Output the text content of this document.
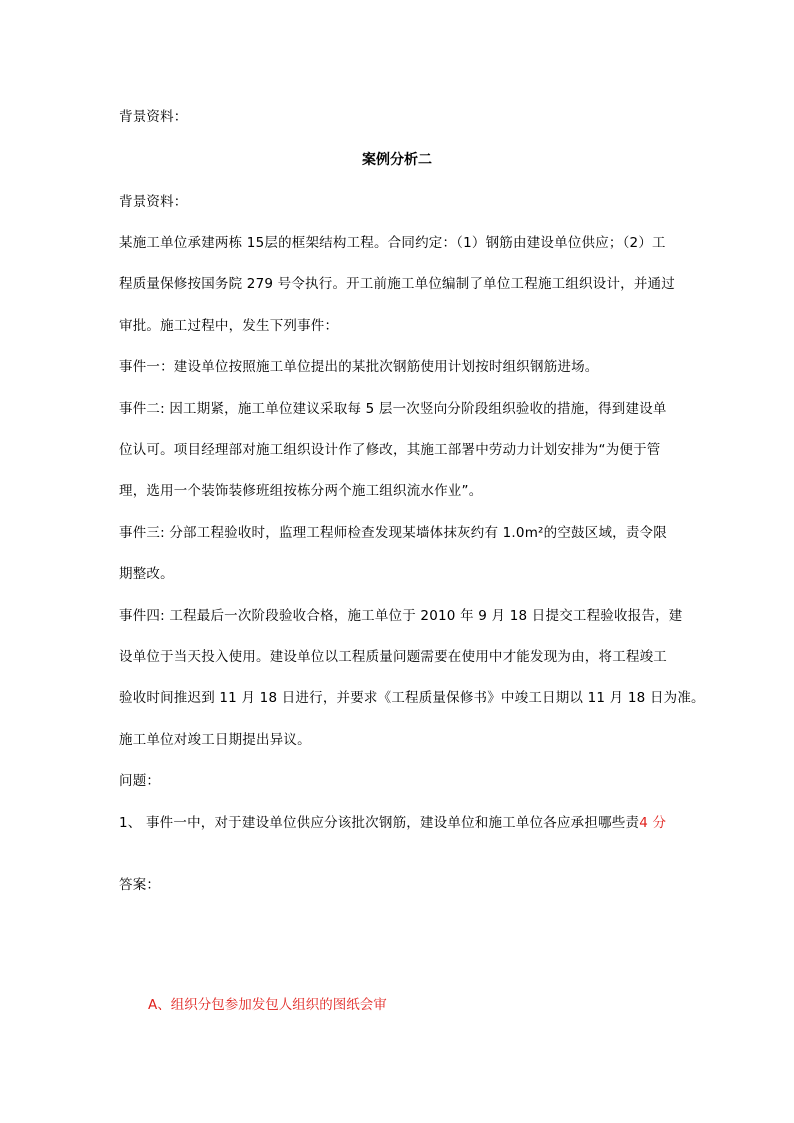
背景资料：
案例分析二
背景资料：
某施工单位承建两栋 15层的框架结构工程。合同约定：（1）钢筋由建设单位供应；（2）工
程质量保修按国务院 279 号令执行。开工前施工单位编制了单位工程施工组织设计，并通过
审批。施工过程中，发生下列事件：
事件一：建设单位按照施工单位提出的某批次钢筋使用计划按时组织钢筋进场。
事件二: 因工期紧，施工单位建议采取每 5 层一次竖向分阶段组织验收的措施，得到建设单
位认可。项目经理部对施工组织设计作了修改，其施工部署中劳动力计划安排为“为便于管
理，选用一个装饰装修班组按栋分两个施工组织流水作业”。
事件三: 分部工程验收时，监理工程师检查发现某墙体抹灰约有 1.0m²的空鼓区域，责令限
期整改。
事件四: 工程最后一次阶段验收合格，施工单位于 2010 年 9 月 18 日提交工程验收报告，建
设单位于当天投入使用。建设单位以工程质量问题需要在使用中才能发现为由，将工程竣工
验收时间推迟到 11 月 18 日进行，并要求《工程质量保修书》中竣工日期以 11 月 18 日为准。
施工单位对竣工日期提出异议。
问题：
1、 事件一中，对于建设单位供应分该批次钢筋，建设单位和施工单位各应承担哪些责4 分
答案：
A、组织分包参加发包人组织的图纸会审
